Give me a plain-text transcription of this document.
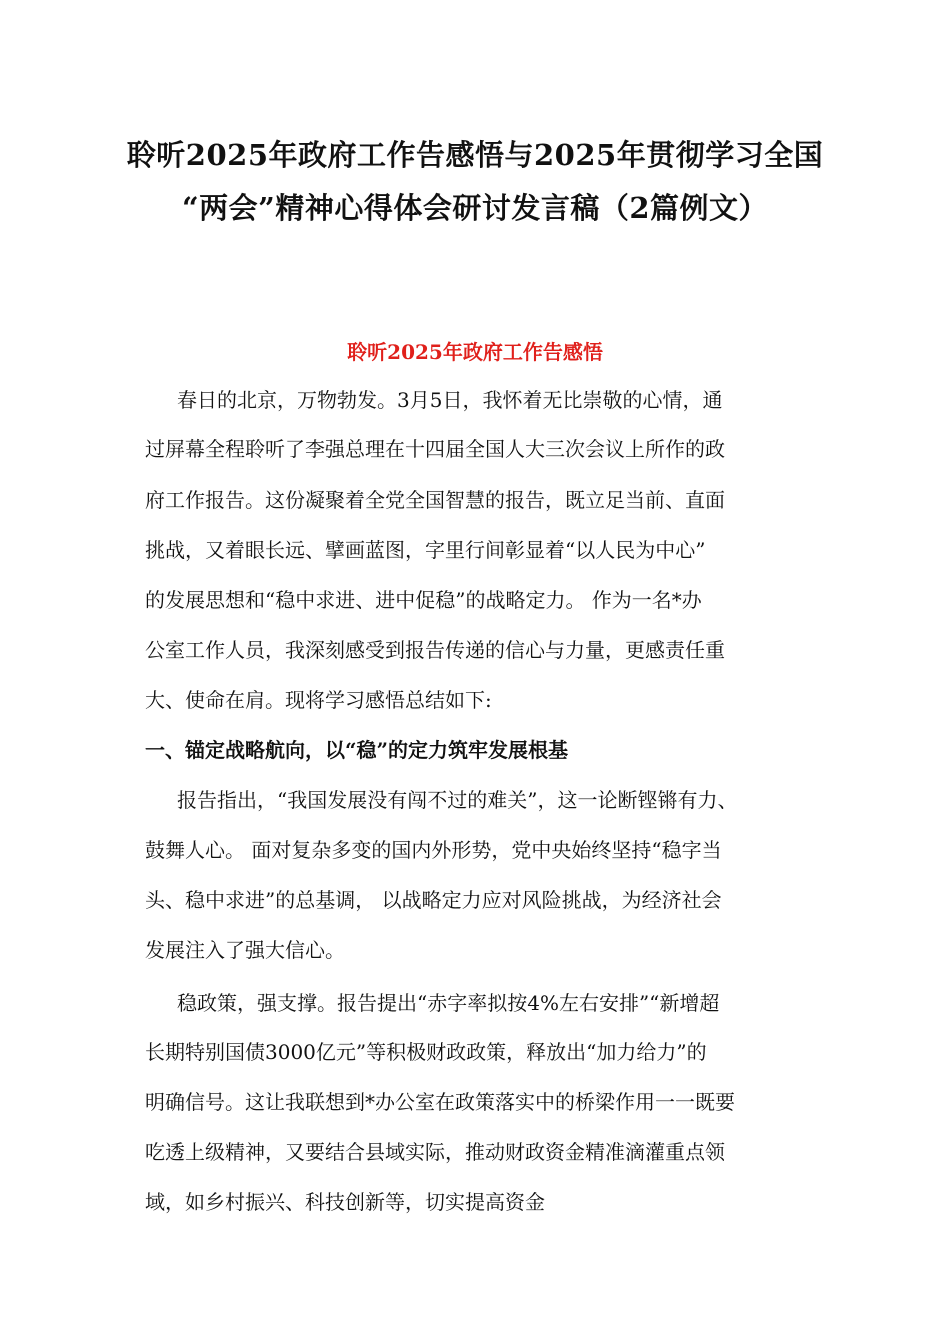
聆听2025年政府工作告感悟与2025年贯彻学习全国
“两会”精神心得体会研讨发言稿（2篇例文）
聆听2025年政府工作告感悟
春日的北京，万物勃发。3月5日，我怀着无比崇敬的心情，通
过屏幕全程聆听了李强总理在十四届全国人大三次会议上所作的政
府工作报告。这份凝聚着全党全国智慧的报告，既立足当前、直面
挑战，又着眼长远、擘画蓝图，字里行间彰显着“以人民为中心”
的发展思想和“稳中求进、进中促稳”的战略定力。 作为一名*办
公室工作人员，我深刻感受到报告传递的信心与力量，更感责任重
大、使命在肩。现将学习感悟总结如下:
一、锚定战略航向，以“稳”的定力筑牢发展根基
报告指出，“我国发展没有闯不过的难关”，这一论断铿锵有力、
鼓舞人心。 面对复杂多变的国内外形势，党中央始终坚持“稳字当
头、稳中求进”的总基调， 以战略定力应对风险挑战，为经济社会
发展注入了强大信心。
稳政策，强支撑。报告提出“赤字率拟按4%左右安排”“新增超
长期特别国债3000亿元”等积极财政政策，释放出“加力给力”的
明确信号。这让我联想到*办公室在政策落实中的桥梁作用一一既要
吃透上级精神，又要结合县域实际，推动财政资金精准滴灌重点领
域，如乡村振兴、科技创新等，切实提高资金
